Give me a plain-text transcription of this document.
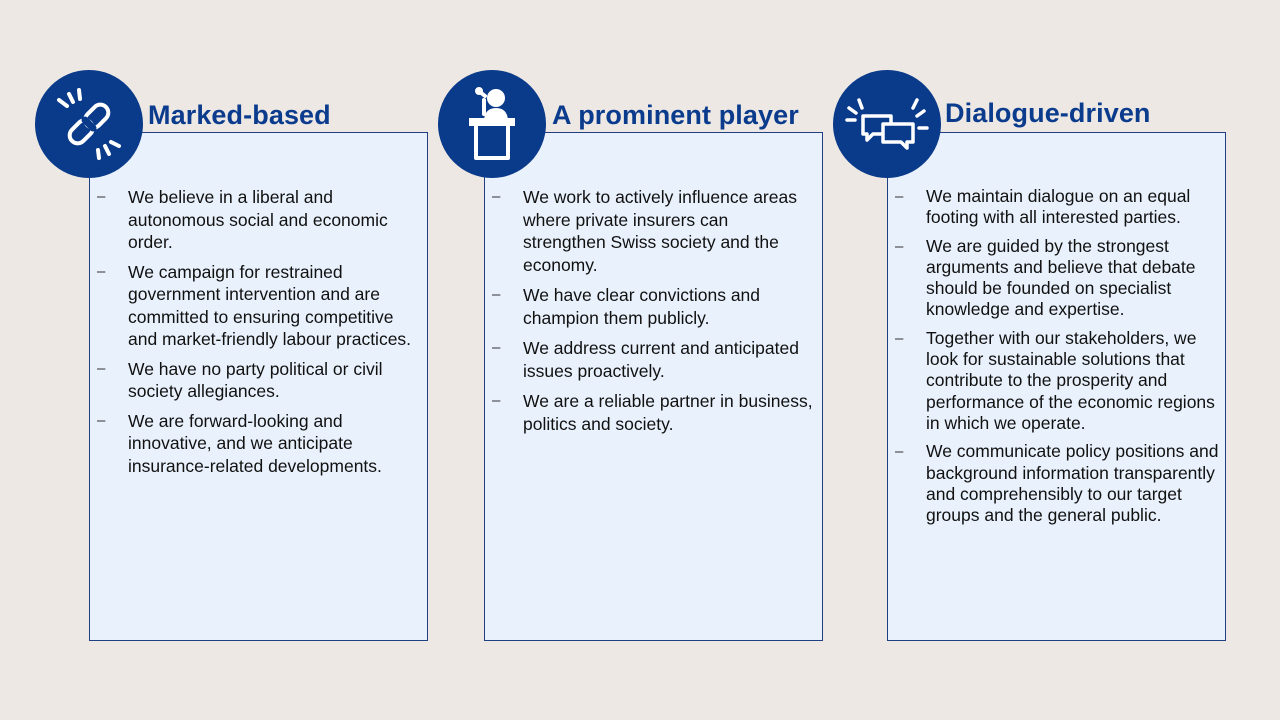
Marked-based
– We believe in a liberal and autonomous social and economic order.
– We campaign for restrained government intervention and are committed to ensuring competitive and market-friendly labour practices.
– We have no party political or civil society allegiances.
– We are forward-looking and innovative, and we anticipate insurance-related developments.
A prominent player
– We work to actively influence areas where private insurers can strengthen Swiss society and the economy.
– We have clear convictions and champion them publicly.
– We address current and anticipated issues proactively.
– We are a reliable partner in business, politics and society.
Dialogue-driven
– We maintain dialogue on an equal footing with all interested parties.
– We are guided by the strongest arguments and believe that debate should be founded on specialist knowledge and expertise.
– Together with our stakeholders, we look for sustainable solutions that contribute to the prosperity and performance of the economic regions in which we operate.
– We communicate policy positions and background information transparently and comprehensibly to our target groups and the general public.
